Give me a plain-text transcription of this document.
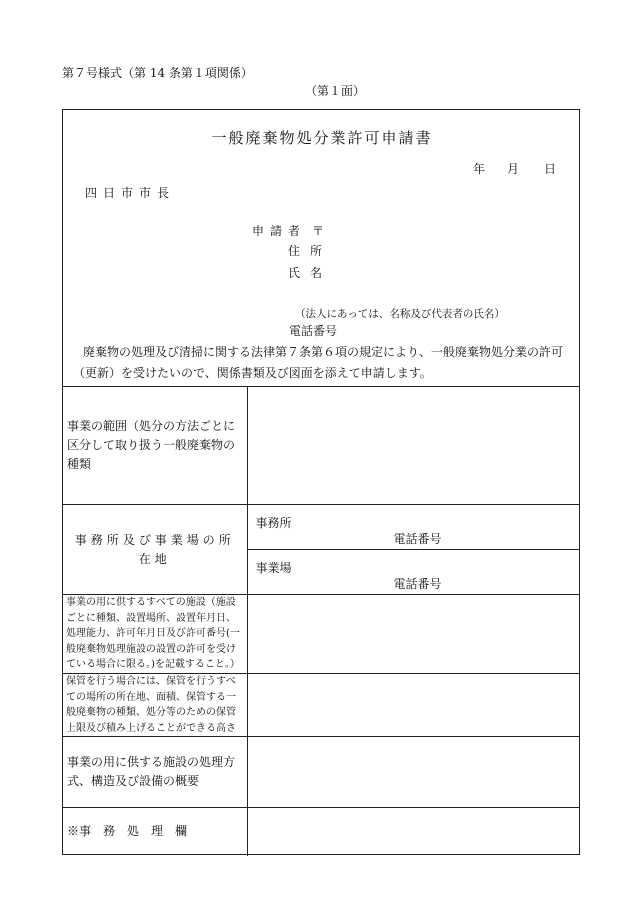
第７号様式（第 14 条第１項関係）
（第１面）
一般廃棄物処分業許可申請書
年 月 日
四日市市長
申請者 〒
住所
氏名
（法人にあっては、名称及び代表者の氏名）
電話番号
廃棄物の処理及び清掃に関する法律第７条第６項の規定により、一般廃棄物処分業の許可（更新）を受けたいので、関係書類及び図面を添えて申請します。
事業の範囲（処分の方法ごとに区分して取り扱う一般廃棄物の種類	
事務所及び事業場の所在地	事務所
電話番号
事業場
電話番号

事業の用に供するすべての施設（施設ごとに種類、設置場所、設置年月日、処理能力、許可年月日及び許可番号(一般廃棄物処理施設の設置の許可を受けている場合に限る。)を記載すること。）	
保管を行う場合には、保管を行うすべての場所の所在地、面積、保管する一般廃棄物の種類、処分等のための保管上限及び積み上げることができる高さ	
事業の用に供する施設の処理方式、構造及び設備の概要	
※事　務　処　理　欄	
